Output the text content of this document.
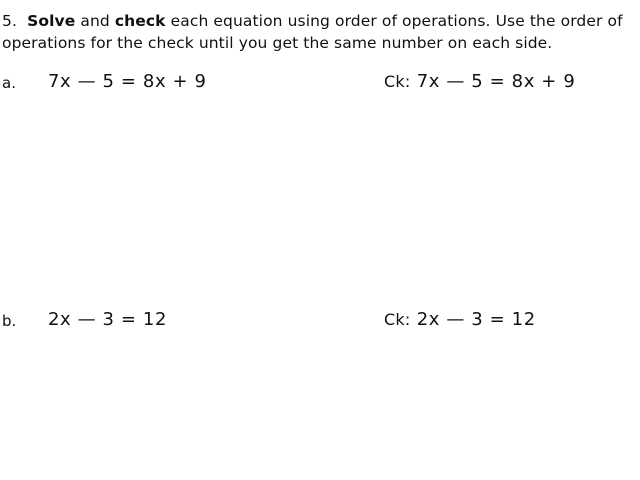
5. Solve and check each equation using order of operations. Use the order of
operations for the check until you get the same number on each side.
a. 7x — 5 = 8x + 9	Ck: 7x — 5 = 8x + 9
b. 2x — 3 = 12	Ck: 2x — 3 = 12
